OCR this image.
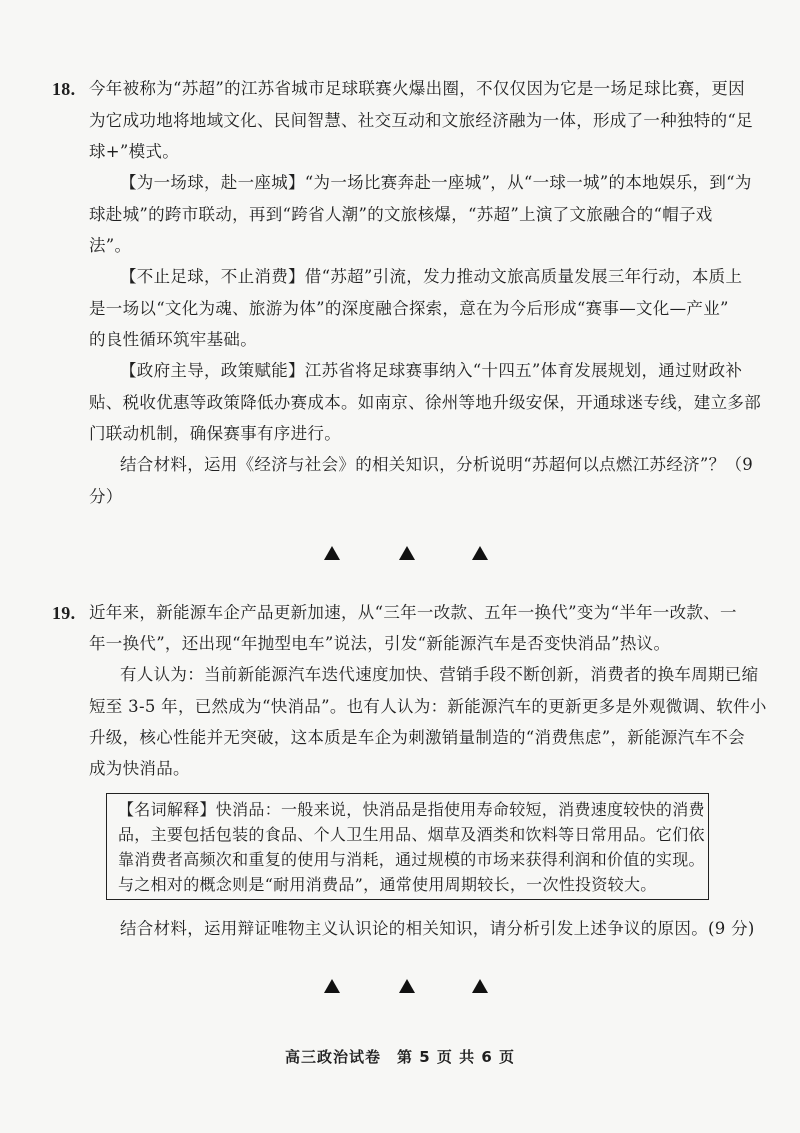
18. 今年被称为“苏超”的江苏省城市足球联赛火爆出圈，不仅仅因为它是一场足球比赛，更因
为它成功地将地域文化、民间智慧、社交互动和文旅经济融为一体，形成了一种独特的“足
球+”模式。
【为一场球，赴一座城】“为一场比赛奔赴一座城”，从“一球一城”的本地娱乐，到“为
球赴城”的跨市联动，再到“跨省人潮”的文旅核爆，“苏超”上演了文旅融合的“帽子戏
法”。
【不止足球，不止消费】借“苏超”引流，发力推动文旅高质量发展三年行动，本质上
是一场以“文化为魂、旅游为体”的深度融合探索，意在为今后形成“赛事—文化—产业”
的良性循环筑牢基础。
【政府主导，政策赋能】江苏省将足球赛事纳入“十四五”体育发展规划，通过财政补
贴、税收优惠等政策降低办赛成本。如南京、徐州等地升级安保，开通球迷专线，建立多部
门联动机制，确保赛事有序进行。
结合材料，运用《经济与社会》的相关知识，分析说明“苏超何以点燃江苏经济”？（9
分）
19. 近年来，新能源车企产品更新加速，从“三年一改款、五年一换代”变为“半年一改款、一
年一换代”，还出现“年抛型电车”说法，引发“新能源汽车是否变快消品”热议。
有人认为：当前新能源汽车迭代速度加快、营销手段不断创新，消费者的换车周期已缩
短至 3-5 年，已然成为“快消品”。也有人认为：新能源汽车的更新更多是外观微调、软件小
升级，核心性能并无突破，这本质是车企为刺激销量制造的“消费焦虑”，新能源汽车不会
成为快消品。
【名词解释】快消品：一般来说，快消品是指使用寿命较短，消费速度较快的消费
品，主要包括包装的食品、个人卫生用品、烟草及酒类和饮料等日常用品。它们依
靠消费者高频次和重复的使用与消耗，通过规模的市场来获得利润和价值的实现。
与之相对的概念则是“耐用消费品”，通常使用周期较长，一次性投资较大。
结合材料，运用辩证唯物主义认识论的相关知识，请分析引发上述争议的原因。(9 分)
高三政治试卷　第 5 页 共 6 页
